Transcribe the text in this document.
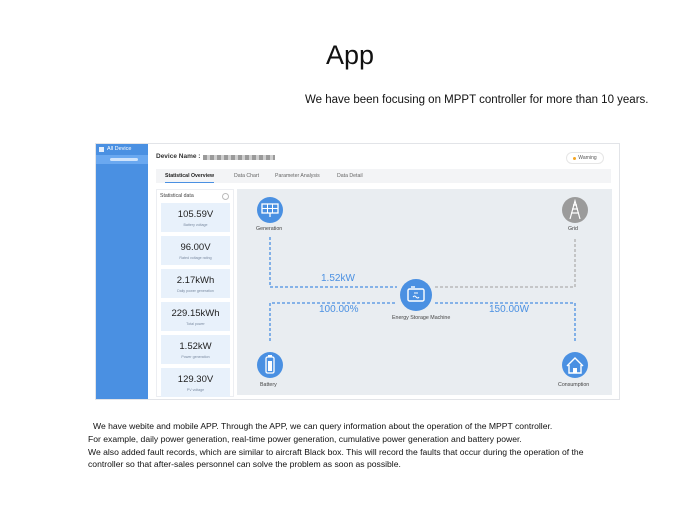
App
We have been focusing on MPPT controller for more than 10 years.
All Device
Device Name :	Warning
Statistical Overview	Data Chart	Parameter Analysis	Data Detail
Statistical data
105.59V
Battery voltage
96.00V
Rated voltage rating
2.17kWh
Daily power generation
229.15kWh
Total power
1.52kW
Power generation
129.30V
PV voltage
Generation	Grid
Energy Storage Machine
Battery	Consumption
1.52kW
100.00%	150.00W
We have webite and mobile APP. Through the APP, we can query information about the operation of the MPPT controller.
For example, daily power generation, real-time power generation, cumulative power generation and battery power.
We also added fault records, which are similar to aircraft Black box. This will record the faults that occur during the operation of the
controller so that after-sales personnel can solve the problem as soon as possible.
